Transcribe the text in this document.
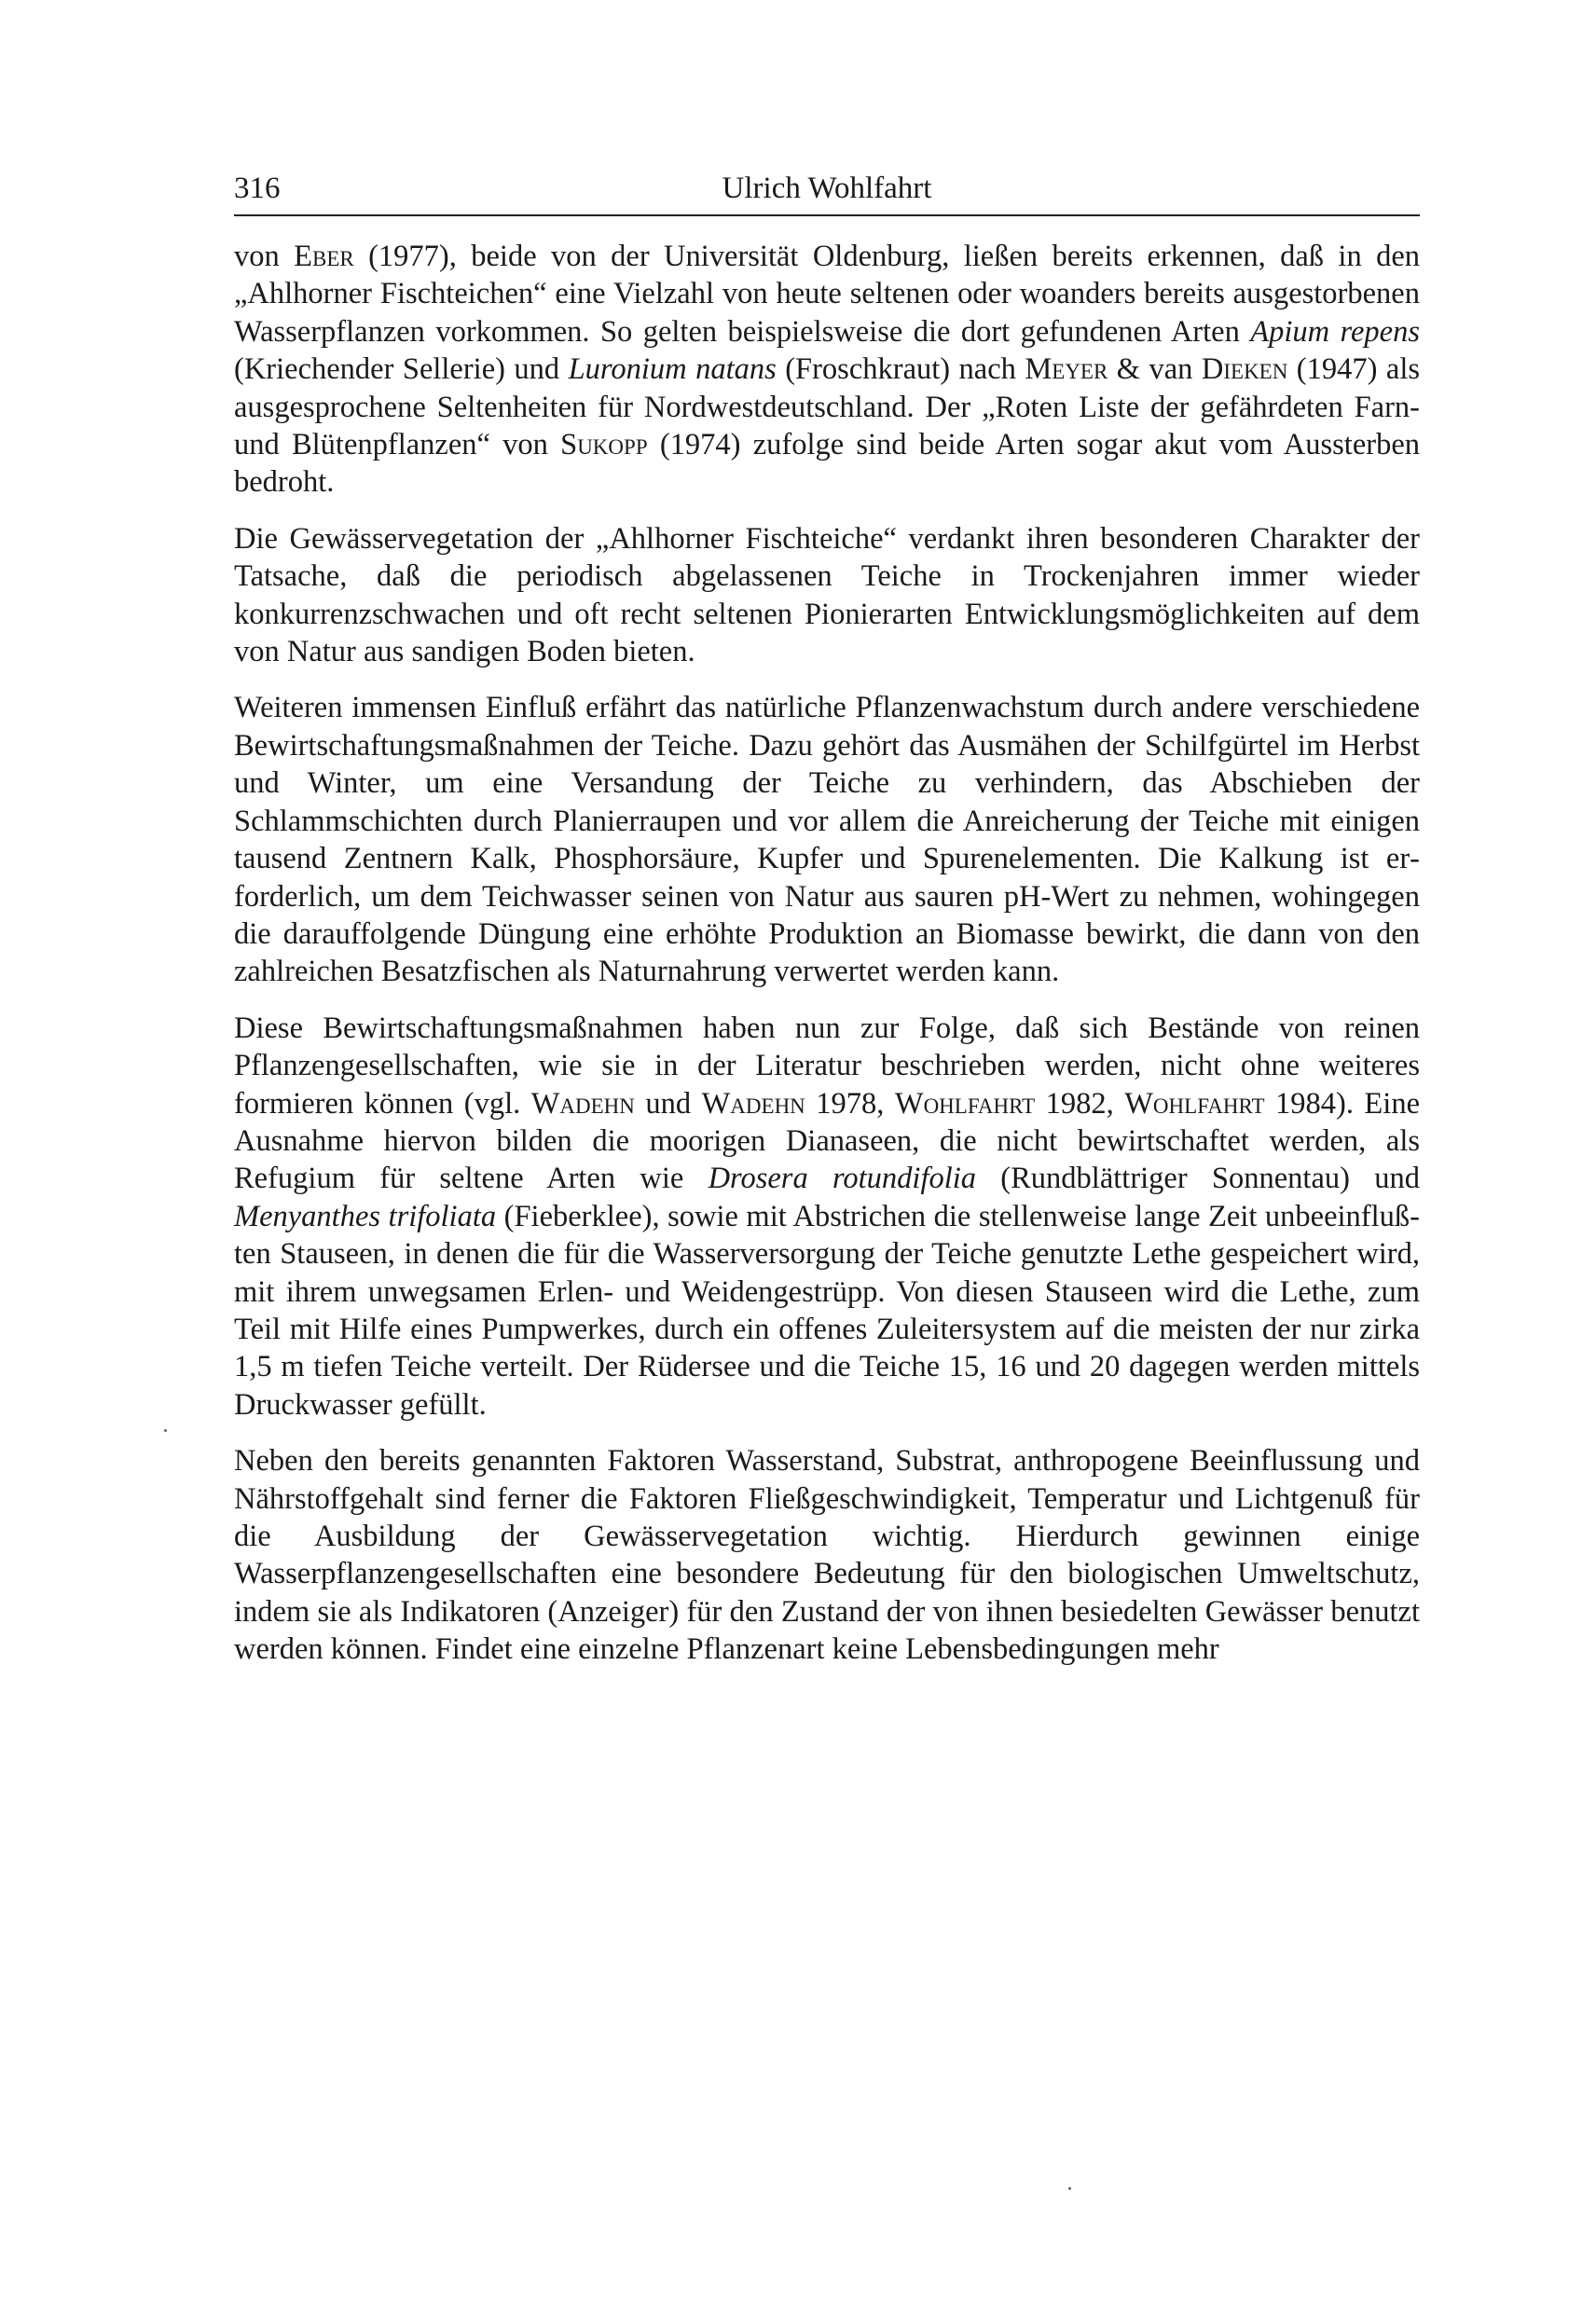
316	Ulrich Wohlfahrt

von Eber (1977), beide von der Universität Oldenburg, ließen bereits erkennen, daß in den „Ahlhorner Fischteichen“ eine Vielzahl von heute seltenen oder woanders bereits ausgestorbenen Wasserpflanzen vorkommen. So gelten beispielsweise die dort gefundenen Arten Apium repens (Kriechender Sellerie) und Luronium natans (Froschkraut) nach Meyer & van Dieken (1947) als ausgesprochene Seltenheiten für Nordwestdeutschland. Der „Roten Liste der gefährdeten Farn- und Blütenpflanzen“ von Sukopp (1974) zufolge sind beide Arten sogar akut vom Aussterben bedroht.

Die Gewässervegetation der „Ahlhorner Fischteiche“ verdankt ihren besonderen Charakter der Tatsache, daß die periodisch abgelassenen Teiche in Trockenjahren immer wieder konkurrenzschwachen und oft recht seltenen Pionierarten Entwicklungsmöglichkeiten auf dem von Natur aus sandigen Boden bieten.

Weiteren immensen Einfluß erfährt das natürliche Pflanzenwachstum durch andere verschiedene Bewirtschaftungsmaßnahmen der Teiche. Dazu gehört das Ausmähen der Schilfgürtel im Herbst und Winter, um eine Versandung der Teiche zu verhindern, das Abschieben der Schlammschichten durch Planierraupen und vor allem die Anreicherung der Teiche mit einigen tausend Zentnern Kalk, Phosphorsäure, Kupfer und Spurenelementen. Die Kalkung ist erforderlich, um dem Teichwasser seinen von Natur aus sauren pH-Wert zu nehmen, wohingegen die darauffolgende Düngung eine erhöhte Produktion an Biomasse bewirkt, die dann von den zahlreichen Besatzfischen als Naturnahrung verwertet werden kann.

Diese Bewirtschaftungsmaßnahmen haben nun zur Folge, daß sich Bestände von reinen Pflanzengesellschaften, wie sie in der Literatur beschrieben werden, nicht ohne weiteres formieren können (vgl. Wadehn und Wadehn 1978, Wohlfahrt 1982, Wohlfahrt 1984). Eine Ausnahme hiervon bilden die moorigen Dianaseen, die nicht bewirtschaftet werden, als Refugium für seltene Arten wie Drosera rotundifolia (Rundblättriger Sonnentau) und Menyanthes trifoliata (Fieberklee), sowie mit Abstrichen die stellenweise lange Zeit unbeeinflußten Stauseen, in denen die für die Wasserversorgung der Teiche genutzte Lethe gespeichert wird, mit ihrem unwegsamen Erlen- und Weidengestrüpp. Von diesen Stauseen wird die Lethe, zum Teil mit Hilfe eines Pumpwerkes, durch ein offenes Zuleitersystem auf die meisten der nur zirka 1,5 m tiefen Teiche verteilt. Der Rüdersee und die Teiche 15, 16 und 20 dagegen werden mittels Druckwasser gefüllt.

Neben den bereits genannten Faktoren Wasserstand, Substrat, anthropogene Beeinflussung und Nährstoffgehalt sind ferner die Faktoren Fließgeschwindigkeit, Temperatur und Lichtgenuß für die Ausbildung der Gewässervegetation wichtig. Hierdurch gewinnen einige Wasserpflanzengesellschaften eine besondere Bedeutung für den biologischen Umweltschutz, indem sie als Indikatoren (Anzeiger) für den Zustand der von ihnen besiedelten Gewässer benutzt werden können. Findet eine einzelne Pflanzenart keine Lebensbedingungen mehr
